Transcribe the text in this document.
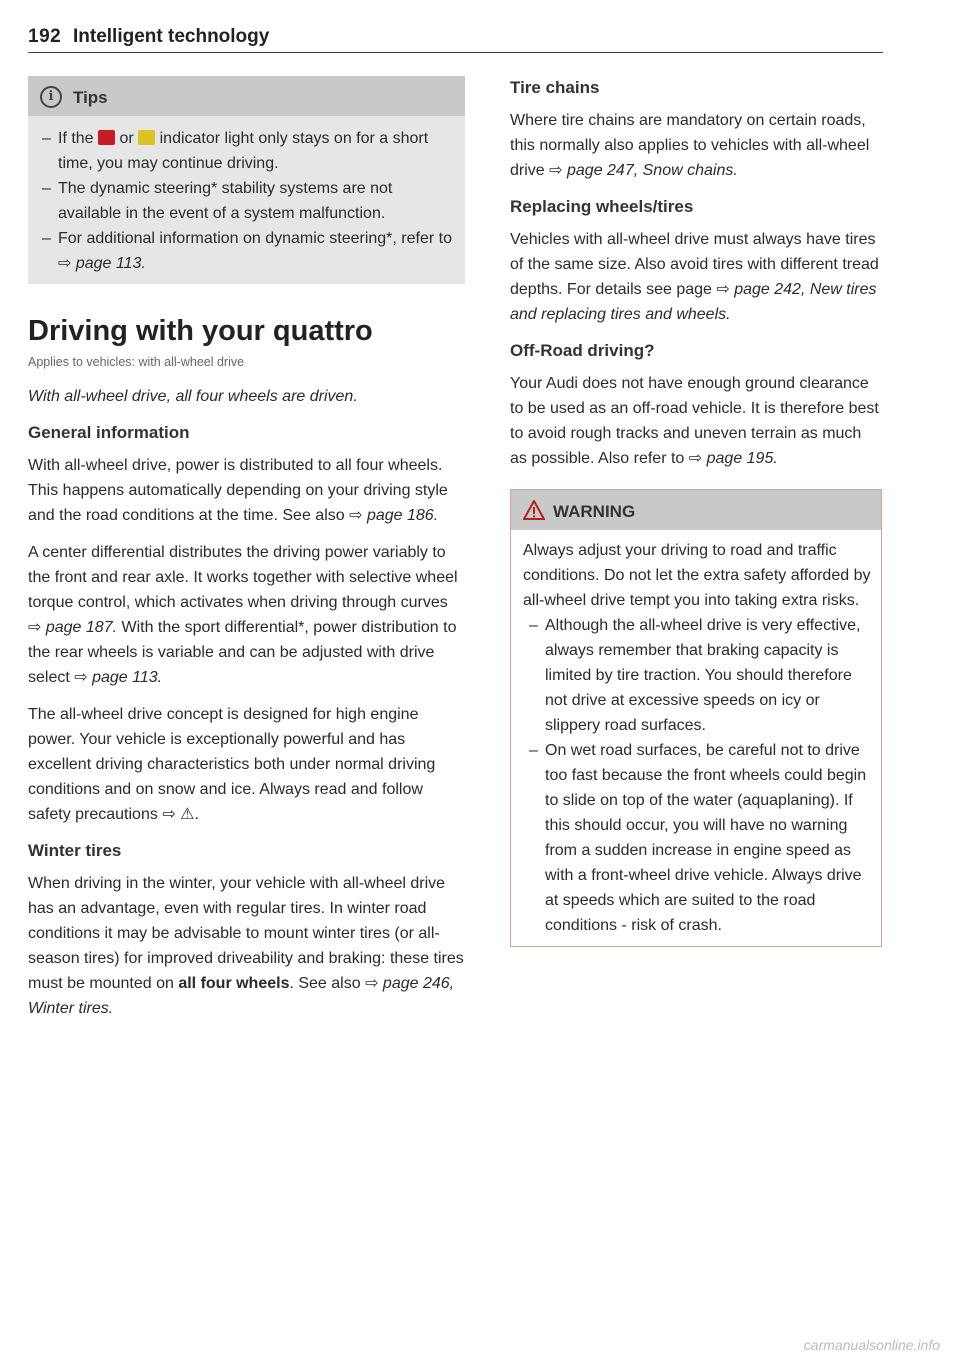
192 Intelligent technology
i	Tips
– If the or indicator light only stays on for a short time, you may continue driving.
– The dynamic steering* stability systems are not available in the event of a system malfunction.
– For additional information on dynamic steering*, refer to ⇨ page 113.
Driving with your quattro
Applies to vehicles: with all-wheel drive

With all-wheel drive, all four wheels are driven.

General information

With all-wheel drive, power is distributed to all four wheels. This happens automatically depending on your driving style and the road conditions at the time. See also ⇨ page 186.

A center differential distributes the driving power variably to the front and rear axle. It works together with selective wheel torque control, which activates when driving through curves ⇨ page 187. With the sport differential*, power distribution to the rear wheels is variable and can be adjusted with drive select ⇨ page 113.

The all-wheel drive concept is designed for high engine power. Your vehicle is exceptionally powerful and has excellent driving characteristics both under normal driving conditions and on snow and ice. Always read and follow safety precautions ⇨ ⚠.

Winter tires

When driving in the winter, your vehicle with all-wheel drive has an advantage, even with regular tires. In winter road conditions it may be advisable to mount winter tires (or all-season tires) for improved driveability and braking: these tires must be mounted on all four wheels. See also ⇨ page 246, Winter tires.

Tire chains

Where tire chains are mandatory on certain roads, this normally also applies to vehicles with all-wheel drive ⇨ page 247, Snow chains.

Replacing wheels/tires

Vehicles with all-wheel drive must always have tires of the same size. Also avoid tires with different tread depths. For details see page ⇨ page 242, New tires and replacing tires and wheels.

Off-Road driving?

Your Audi does not have enough ground clearance to be used as an off-road vehicle. It is therefore best to avoid rough tracks and uneven terrain as much as possible. Also refer to ⇨ page 195.

WARNING
Always adjust your driving to road and traffic conditions. Do not let the extra safety afforded by all-wheel drive tempt you into taking extra risks.
– Although the all-wheel drive is very effective, always remember that braking capacity is limited by tire traction. You should therefore not drive at excessive speeds on icy or slippery road surfaces.
– On wet road surfaces, be careful not to drive too fast because the front wheels could begin to slide on top of the water (aquaplaning). If this should occur, you will have no warning from a sudden increase in engine speed as with a front-wheel drive vehicle. Always drive at speeds which are suited to the road conditions - risk of crash.
carmanualsonline.info
